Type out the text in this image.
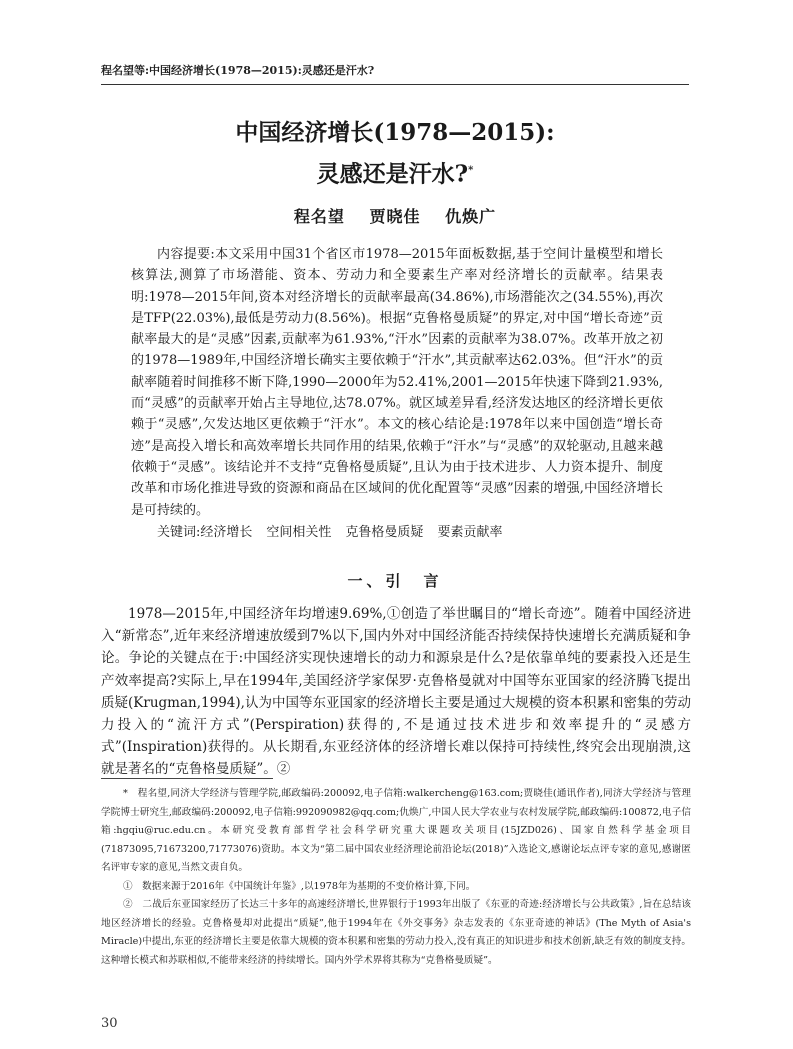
程名望等:中国经济增长(1978—2015):灵感还是汗水?
中国经济增长(1978—2015):
灵感还是汗水?*
程名望 贾晓佳 仇焕广
内容提要:本文采用中国31个省区市1978—2015年面板数据,基于空间计量模型和增长核算法,测算了市场潜能、资本、劳动力和全要素生产率对经济增长的贡献率。结果表明:1978—2015年间,资本对经济增长的贡献率最高(34.86%),市场潜能次之(34.55%),再次是TFP(22.03%),最低是劳动力(8.56%)。根据“克鲁格曼质疑”的界定,对中国“增长奇迹”贡献率最大的是“灵感”因素,贡献率为61.93%,“汗水”因素的贡献率为38.07%。改革开放之初的1978—1989年,中国经济增长确实主要依赖于“汗水”,其贡献率达62.03%。但“汗水”的贡献率随着时间推移不断下降,1990—2000年为52.41%,2001—2015年快速下降到21.93%,而“灵感”的贡献率开始占主导地位,达78.07%。就区域差异看,经济发达地区的经济增长更依赖于“灵感”,欠发达地区更依赖于“汗水”。本文的核心结论是:1978年以来中国创造“增长奇迹”是高投入增长和高效率增长共同作用的结果,依赖于“汗水”与“灵感”的双轮驱动,且越来越依赖于“灵感”。该结论并不支持“克鲁格曼质疑”,且认为由于技术进步、人力资本提升、制度改革和市场化推进导致的资源和商品在区域间的优化配置等“灵感”因素的增强,中国经济增长是可持续的。
关键词:经济增长 空间相关性 克鲁格曼质疑 要素贡献率
一、引　言
1978—2015年,中国经济年均增速9.69%,①创造了举世瞩目的“增长奇迹”。随着中国经济进入“新常态”,近年来经济增速放缓到7%以下,国内外对中国经济能否持续保持快速增长充满质疑和争论。争论的关键点在于:中国经济实现快速增长的动力和源泉是什么?是依靠单纯的要素投入还是生产效率提高?实际上,早在1994年,美国经济学家保罗·克鲁格曼就对中国等东亚国家的经济腾飞提出质疑(Krugman,1994),认为中国等东亚国家的经济增长主要是通过大规模的资本积累和密集的劳动力投入的“流汗方式”(Perspiration)获得的,不是通过技术进步和效率提升的“灵感方式”(Inspiration)获得的。从长期看,东亚经济体的经济增长难以保持可持续性,终究会出现崩溃,这就是著名的“克鲁格曼质疑”。②

*　程名望,同济大学经济与管理学院,邮政编码:200092,电子信箱:walkercheng@163.com;贾晓佳(通讯作者),同济大学经济与管理学院博士研究生,邮政编码:200092,电子信箱:992090982@qq.com;仇焕广,中国人民大学农业与农村发展学院,邮政编码:100872,电子信箱:hgqiu@ruc.edu.cn。本研究受教育部哲学社会科学研究重大课题攻关项目(15JZD026)、国家自然科学基金项目(71873095,71673200,71773076)资助。本文为“第二届中国农业经济理论前沿论坛(2018)”入选论文,感谢论坛点评专家的意见,感谢匿名评审专家的意见,当然文责自负。

①　数据来源于2016年《中国统计年鉴》,以1978年为基期的不变价格计算,下同。

②　二战后东亚国家经历了长达三十多年的高速经济增长,世界银行于1993年出版了《东亚的奇迹:经济增长与公共政策》,旨在总结该地区经济增长的经验。克鲁格曼却对此提出“质疑”,他于1994年在《外交事务》杂志发表的《东亚奇迹的神话》(The Myth of Asia's Miracle)中提出,东亚的经济增长主要是依靠大规模的资本积累和密集的劳动力投入,没有真正的知识进步和技术创新,缺乏有效的制度支持。这种增长模式和苏联相似,不能带来经济的持续增长。国内外学术界将其称为“克鲁格曼质疑”。

30
